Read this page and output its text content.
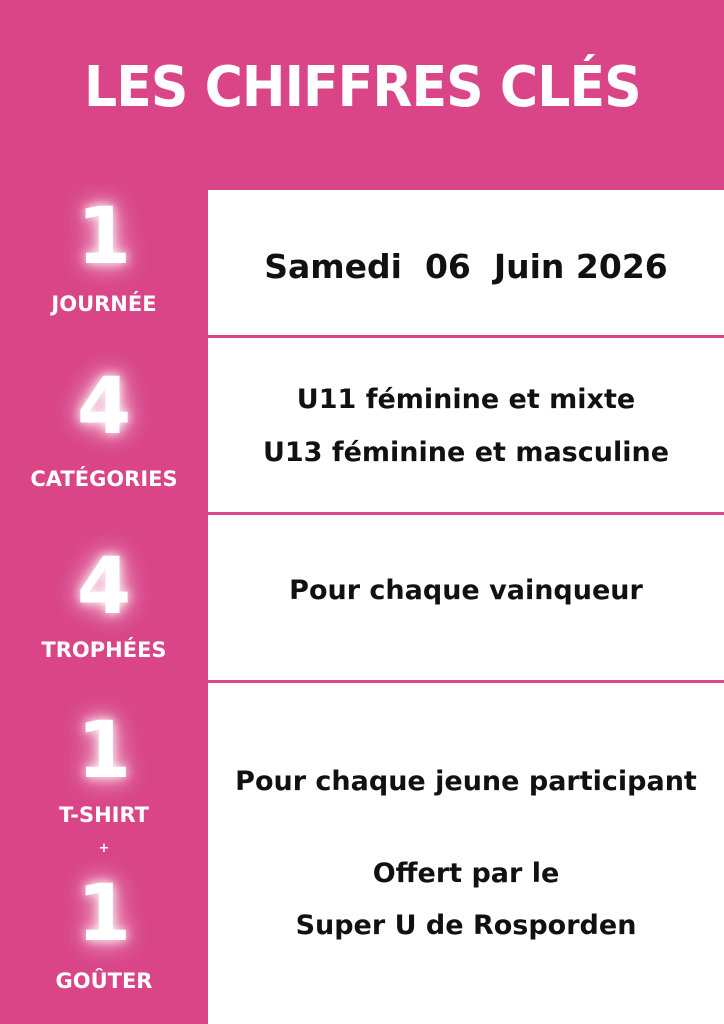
LES CHIFFRES CLÉS
1
JOURNÉE
Samedi  06  Juin 2026
4
CATÉGORIES
U11 féminine et mixte
U13 féminine et masculine
4
TROPHÉES
Pour chaque vainqueur
1
T-SHIRT
+
1
GOÛTER
Pour chaque jeune participant
Offert par le
Super U de Rosporden
